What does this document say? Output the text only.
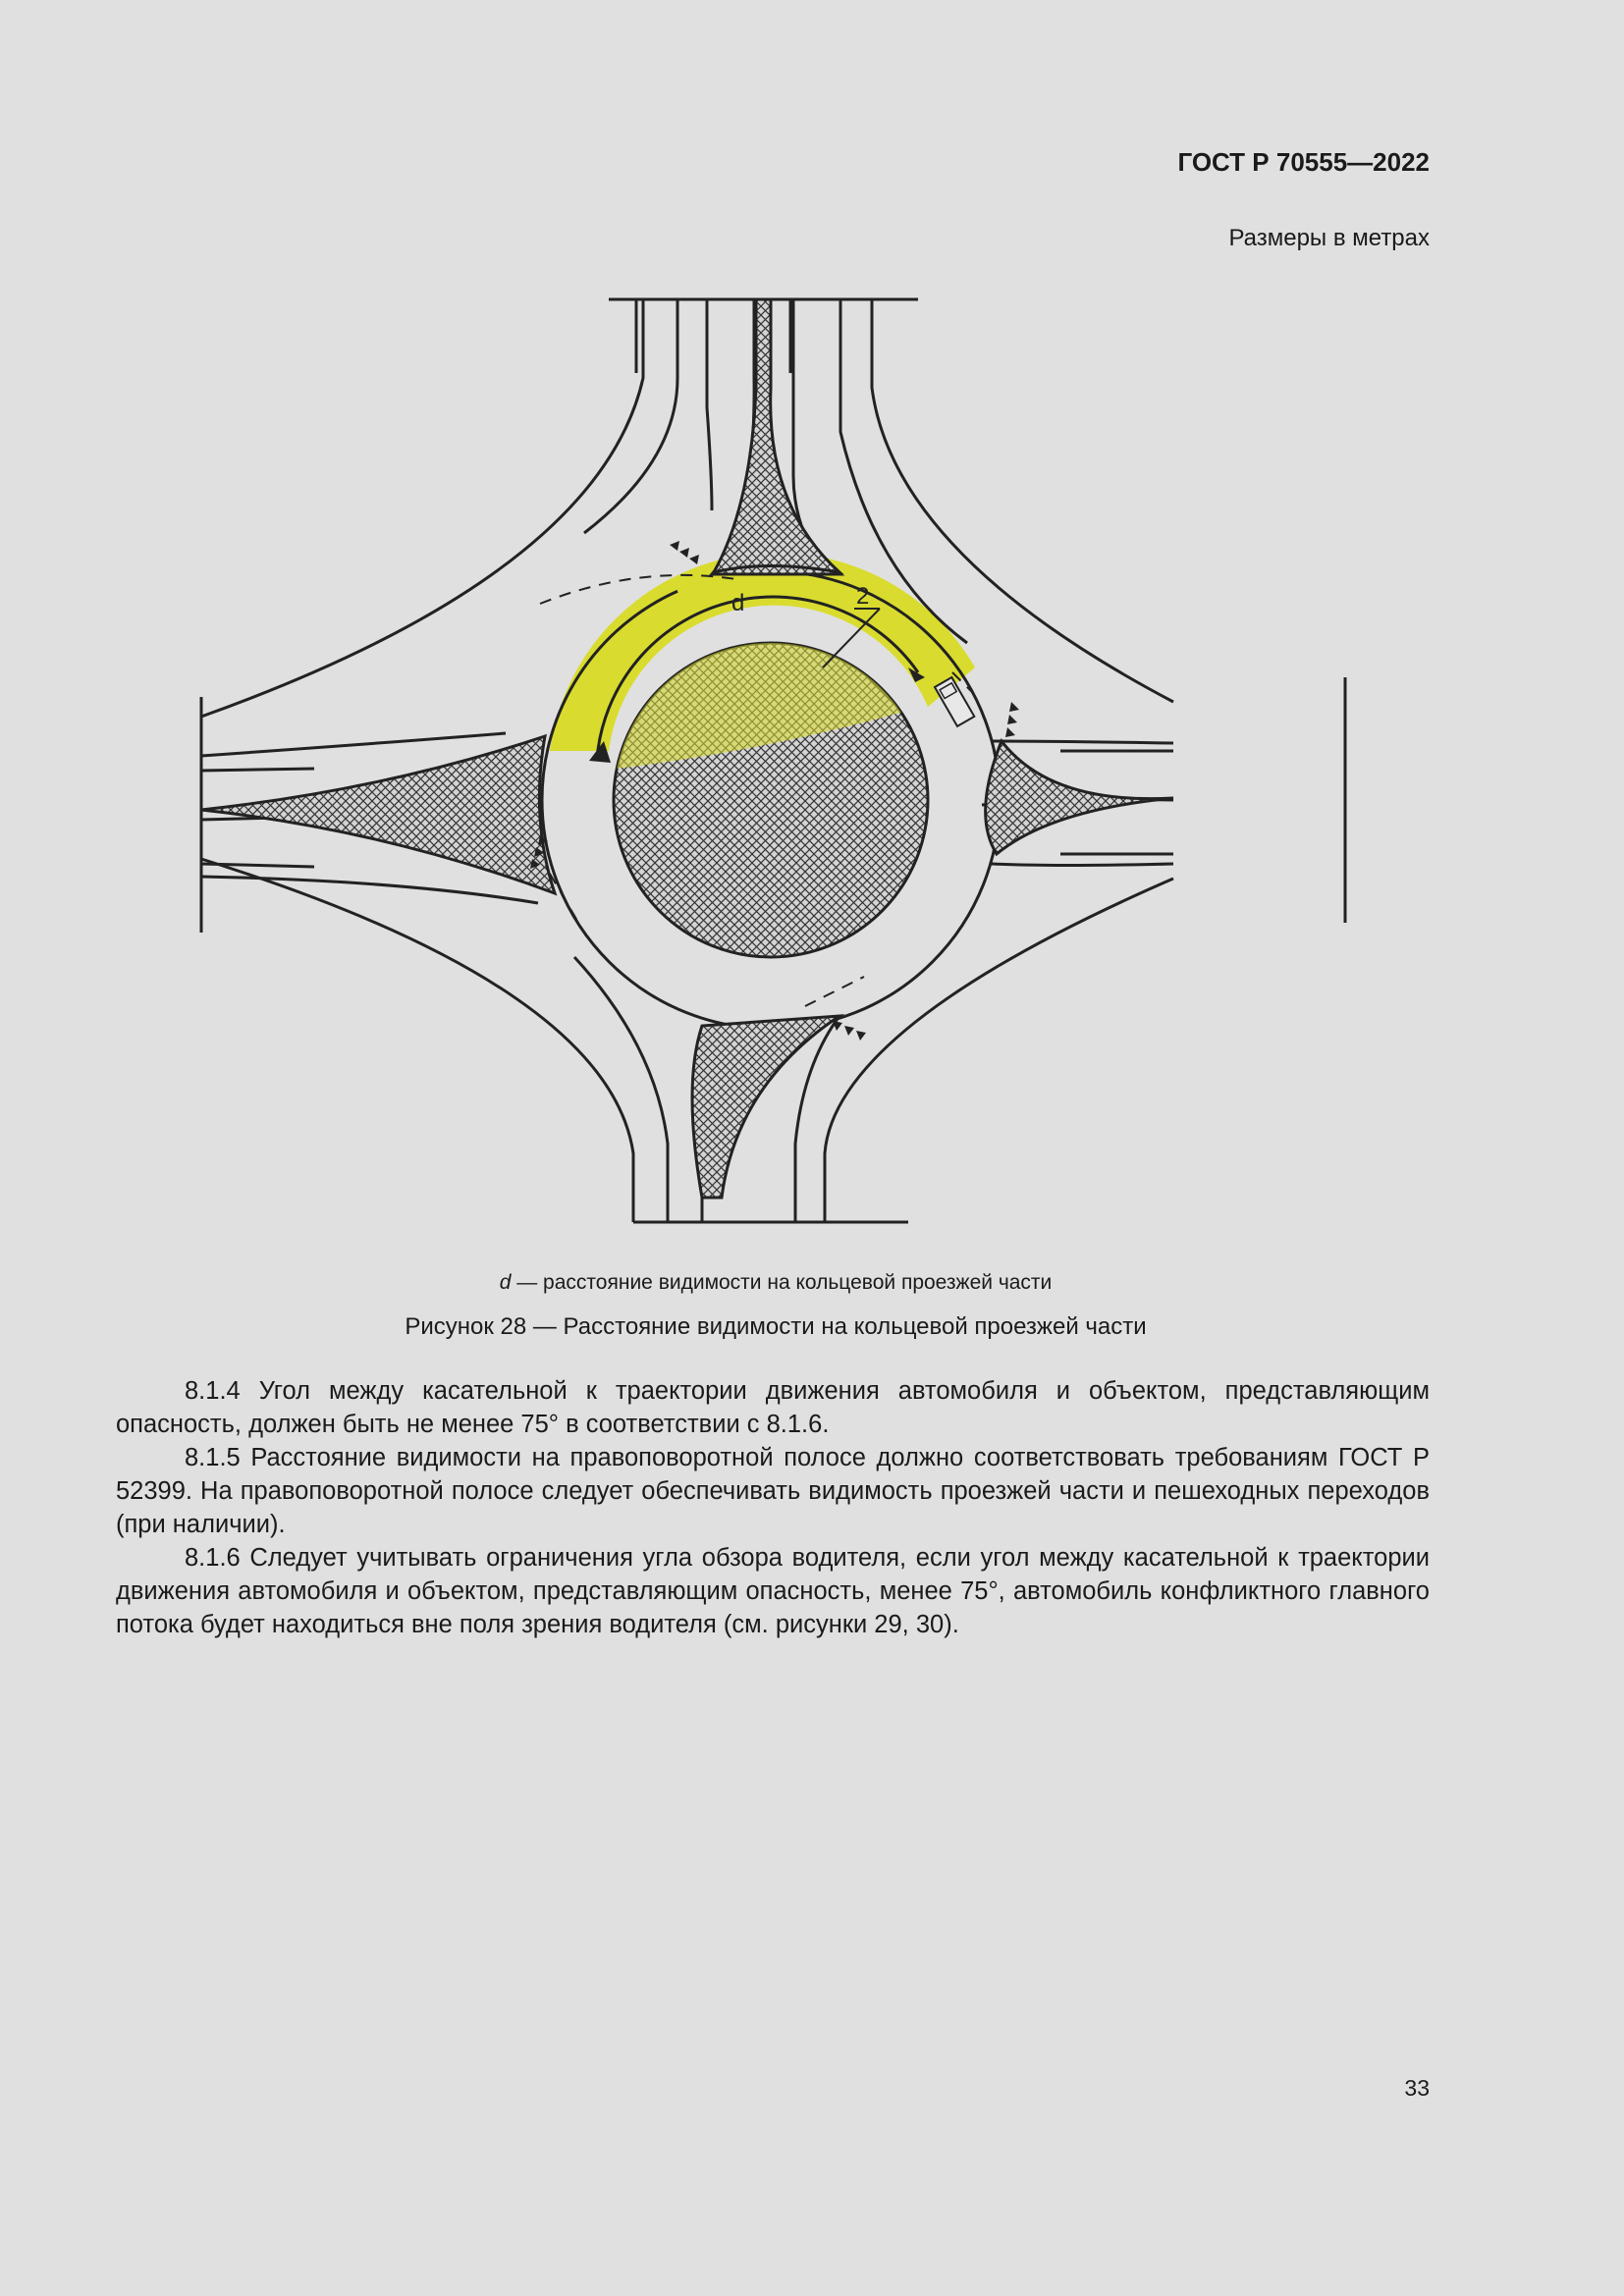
ГОСТ Р 70555—2022
Размеры в метрах
d	2
d — расстояние видимости на кольцевой проезжей части
Рисунок 28 — Расстояние видимости на кольцевой проезжей части

8.1.4 Угол между касательной к траектории движения автомобиля и объектом, представляющим опасность, должен быть не менее 75° в соответствии с 8.1.6.

8.1.5 Расстояние видимости на правоповоротной полосе должно соответствовать требованиям ГОСТ Р 52399. На правоповоротной полосе следует обеспечивать видимость проезжей части и пешеходных переходов (при наличии).

8.1.6 Следует учитывать ограничения угла обзора водителя, если угол между касательной к траектории движения автомобиля и объектом, представляющим опасность, менее 75°, автомобиль конфликтного главного потока будет находиться вне поля зрения водителя (см. рисунки 29, 30).

33
